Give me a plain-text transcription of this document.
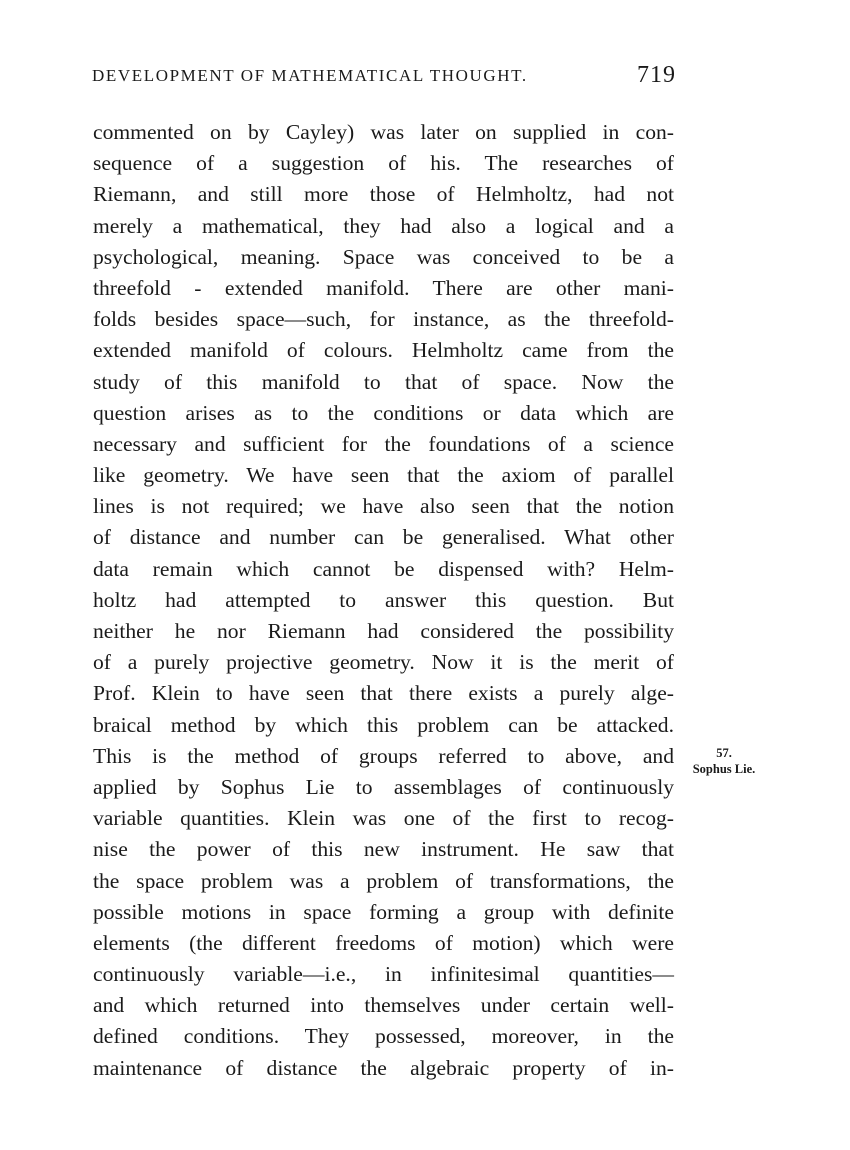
DEVELOPMENT OF MATHEMATICAL THOUGHT.	719
commented on by Cayley) was later on supplied in con-
sequence of a suggestion of his. The researches of
Riemann, and still more those of Helmholtz, had not
merely a mathematical, they had also a logical and a
psychological, meaning. Space was conceived to be a
threefold - extended manifold. There are other mani-
folds besides space—such, for instance, as the threefold-
extended manifold of colours. Helmholtz came from the
study of this manifold to that of space. Now the
question arises as to the conditions or data which are
necessary and sufficient for the foundations of a science
like geometry. We have seen that the axiom of parallel
lines is not required; we have also seen that the notion
of distance and number can be generalised. What other
data remain which cannot be dispensed with? Helm-
holtz had attempted to answer this question. But
neither he nor Riemann had considered the possibility
of a purely projective geometry. Now it is the merit of
Prof. Klein to have seen that there exists a purely alge-
braical method by which this problem can be attacked.
This is the method of groups referred to above, and
applied by Sophus Lie to assemblages of continuously
variable quantities. Klein was one of the first to recog-
nise the power of this new instrument. He saw that
the space problem was a problem of transformations, the
possible motions in space forming a group with definite
elements (the different freedoms of motion) which were
continuously variable—i.e., in infinitesimal quantities—
and which returned into themselves under certain well-
defined conditions. They possessed, moreover, in the
maintenance of distance the algebraic property of in-
57.
Sophus Lie.
